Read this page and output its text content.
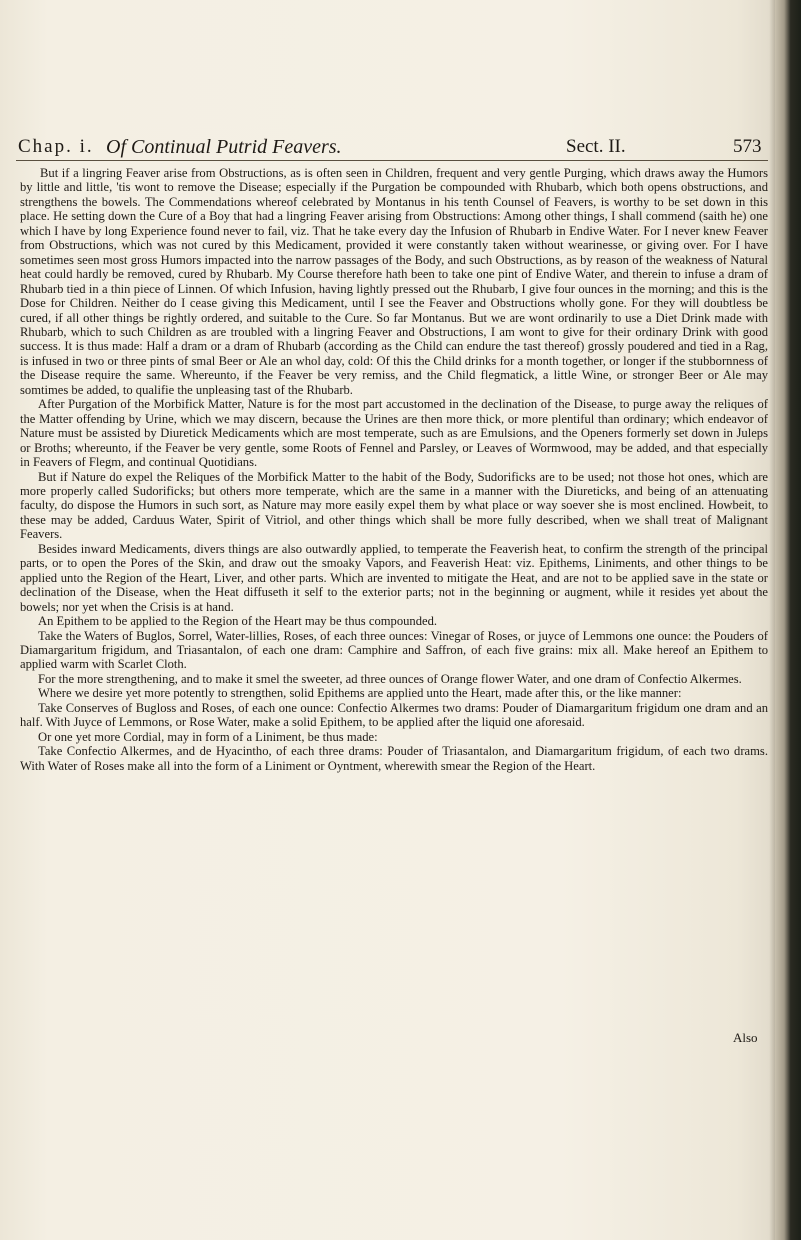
Chap. i. Of Continual Putrid Feavers.	Sect. II.	573

But if a lingring Feaver arise from Obstructions, as is often seen in Children, frequent and very gentle Purging, which draws away the Humors by little and little, 'tis wont to remove the Disease; especially if the Purgation be compounded with Rhubarb, which both opens obstructions, and strengthens the bowels. The Commendations whereof celebrated by Montanus in his tenth Counsel of Feavers, is worthy to be set down in this place. He setting down the Cure of a Boy that had a lingring Feaver arising from Obstructions: Among other things, I shall commend (saith he) one which I have by long Experience found never to fail, viz. That he take every day the Infusion of Rhubarb in Endive Water. For I never knew Feaver from Obstructions, which was not cured by this Medicament, provided it were constantly taken without wearinesse, or giving over. For I have sometimes seen most gross Humors impacted into the narrow passages of the Body, and such Obstructions, as by reason of the weakness of Natural heat could hardly be removed, cured by Rhubarb. My Course therefore hath been to take one pint of Endive Water, and therein to infuse a dram of Rhubarb tied in a thin piece of Linnen. Of which Infusion, having lightly pressed out the Rhubarb, I give four ounces in the morning; and this is the Dose for Children. Neither do I cease giving this Medicament, until I see the Feaver and Obstructions wholly gone. For they will doubtless be cured, if all other things be rightly ordered, and suitable to the Cure. So far Montanus. But we are wont ordinarily to use a Diet Drink made with Rhubarb, which to such Children as are troubled with a lingring Feaver and Obstructions, I am wont to give for their ordinary Drink with good success. It is thus made: Half a dram or a dram of Rhubarb (according as the Child can endure the tast thereof) grossly poudered and tied in a Rag, is infused in two or three pints of smal Beer or Ale an whol day, cold: Of this the Child drinks for a month together, or longer if the stubbornness of the Disease require the same. Whereunto, if the Feaver be very remiss, and the Child flegmatick, a little Wine, or stronger Beer or Ale may somtimes be added, to qualifie the unpleasing tast of the Rhubarb.

After Purgation of the Morbifick Matter, Nature is for the most part accustomed in the declination of the Disease, to purge away the reliques of the Matter offending by Urine, which we may discern, because the Urines are then more thick, or more plentiful than ordinary; which endeavor of Nature must be assisted by Diuretick Medicaments which are most temperate, such as are Emulsions, and the Openers formerly set down in Juleps or Broths; whereunto, if the Feaver be very gentle, some Roots of Fennel and Parsley, or Leaves of Wormwood, may be added, and that especially in Feavers of Flegm, and continual Quotidians.

But if Nature do expel the Reliques of the Morbifick Matter to the habit of the Body, Sudorificks are to be used; not those hot ones, which are more properly called Sudorificks; but others more temperate, which are the same in a manner with the Diureticks, and being of an attenuating faculty, do dispose the Humors in such sort, as Nature may more easily expel them by what place or way soever she is most enclined. Howbeit, to these may be added, Carduus Water, Spirit of Vitriol, and other things which shall be more fully described, when we shall treat of Malignant Feavers.

Besides inward Medicaments, divers things are also outwardly applied, to temperate the Feaverish heat, to confirm the strength of the principal parts, or to open the Pores of the Skin, and draw out the smoaky Vapors, and Feaverish Heat: viz. Epithems, Liniments, and other things to be applied unto the Region of the Heart, Liver, and other parts. Which are invented to mitigate the Heat, and are not to be applied save in the state or declination of the Disease, when the Heat diffuseth it self to the exterior parts; not in the beginning or augment, while it resides yet about the bowels; nor yet when the Crisis is at hand.

An Epithem to be applied to the Region of the Heart may be thus compounded.

Take the Waters of Buglos, Sorrel, Water-lillies, Roses, of each three ounces: Vinegar of Roses, or juyce of Lemmons one ounce: the Pouders of Diamargaritum frigidum, and Triasantalon, of each one dram: Camphire and Saffron, of each five grains: mix all. Make hereof an Epithem to applied warm with Scarlet Cloth.

For the more strengthening, and to make it smel the sweeter, ad three ounces of Orange flower Water, and one dram of Confectio Alkermes.

Where we desire yet more potently to strengthen, solid Epithems are applied unto the Heart, made after this, or the like manner:

Take Conserves of Bugloss and Roses, of each one ounce: Confectio Alkermes two drams: Pouder of Diamargaritum frigidum one dram and an half. With Juyce of Lemmons, or Rose Water, make a solid Epithem, to be applied after the liquid one aforesaid.

Or one yet more Cordial, may in form of a Liniment, be thus made:

Take Confectio Alkermes, and de Hyacintho, of each three drams: Pouder of Triasantalon, and Diamargaritum frigidum, of each two drams. With Water of Roses make all into the form of a Liniment or Oyntment, wherewith smear the Region of the Heart.

Also
